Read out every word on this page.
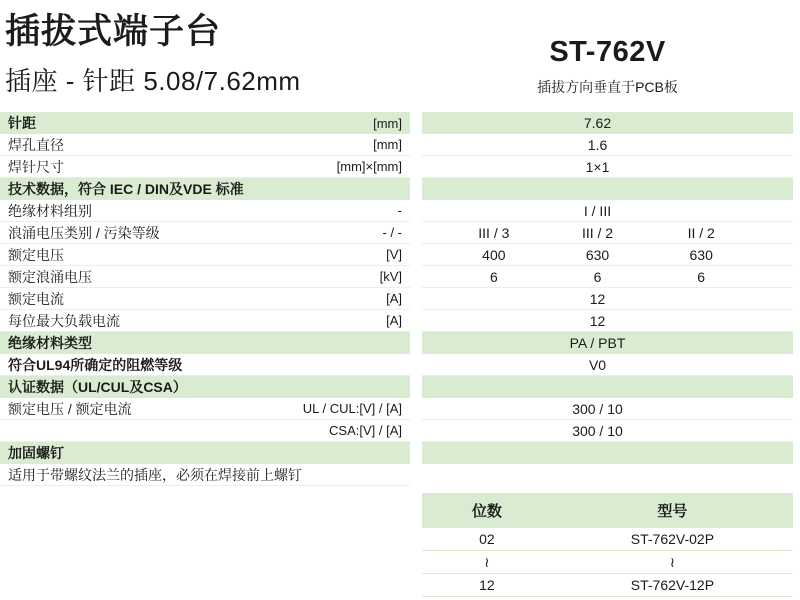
插拔式端子台
插座 - 针距 5.08/7.62mm
ST-762V
插拔方向垂直于PCB板
针距	[mm]	7.62
焊孔直径	[mm]	1.6
焊针尺寸	[mm]×[mm]	1×1
技术数据，符合 IEC / DIN及VDE 标准
绝缘材料组别	-	I / III
浪涌电压类别 / 污染等级	- / -	III / 3	III / 2	II / 2
额定电压	[V]	400	630	630
额定浪涌电压	[kV]	6	6	6
额定电流	[A]	12
每位最大负载电流	[A]	12
绝缘材料类型	PA / PBT
符合UL94所确定的阻燃等级	V0
认证数据（UL/CUL及CSA）
额定电压 / 额定电流	UL / CUL:[V] / [A]	300 / 10
CSA:[V] / [A]	300 / 10
加固螺钉
适用于带螺纹法兰的插座，必须在焊接前上螺钉
位数	型号
02	ST-762V-02P
≀	≀
12	ST-762V-12P
